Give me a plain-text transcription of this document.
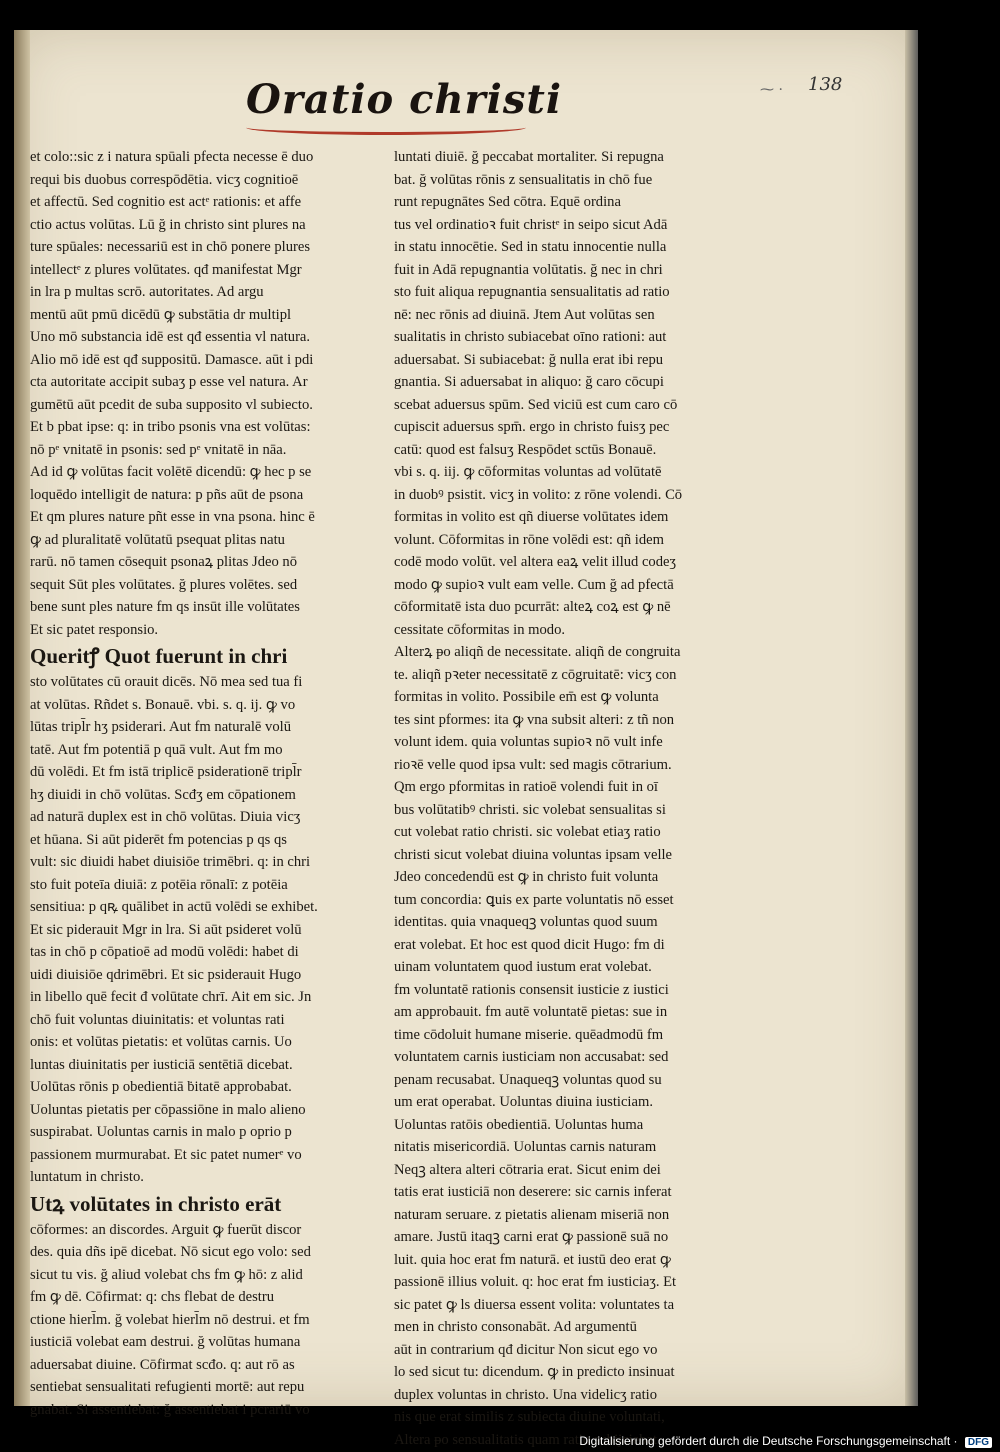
Oratio christi	⁓ · 138
et colo::sic z i natura spūali pfecta necesse ē duo
requi bis duobus correspōdētia. vicʒ cognitioē
et affectū. Sed cognitio est actᵉ rationis: et affe
ctio actus volūtas. Lū ğ in christo sint plures na
ture spūales: necessariū est in chō ponere plures
intellectᵉ z plures volūtates. qđ manifestat Mgr
in lra p multas scrō. autoritates. Ad argu
mentū aūt pmū dicēdū ꝙ substātia dr multipl
Uno mō substancia idē est qđ essentia vl natura.
Alio mō idē est qđ suppositū. Damasce. aūt i pdi
cta autoritate accipit subaʒ p esse vel natura. Ar
gumētū aūt pcedit de suba supposito vl subiecto.
Et b pbat ipse: q: in tribo psonis vna est volūtas:
nō pᵉ vnitatē in psonis: sed pᵉ vnitatē in nāa.
Ad id ꝙ volūtas facit volētē dicendū: ꝙ hec p se
loquēdo intelligit de natura: p pñs aūt de psona
Et qm plures nature pñt esse in vna psona. hinc ē
ꝙ ad pluralitatē volūtatū psequat plitas natu
rarū. nō tamen cōsequit psonaꝝ plitas Jdeo nō
sequit Sūt ples volūtates. ğ plures volētes. sed
bene sunt ples nature fm qs insūt ille volūtates
Et sic patet responsio.
Queritꝭ Quot fuerunt in chri
sto volūtates cū orauit dicēs. Nō mea sed tua fi
at volūtas. Rñdet s. Bonauē. vbi. s. q. ij. ꝙ vo
lūtas tripl̄r hʒ psiderari. Aut fm naturalē volū
tatē. Aut fm potentiā p quā vult. Aut fm mo
dū volēdi. Et fm istā triplicē psiderationē tripl̄r
hʒ diuidi in chō volūtas. Scđʒ em cōpationem
ad naturā duplex est in chō volūtas. Diuia vicʒ
et hūana. Si aūt piderēt fm potencias p qs qs
vult: sic diuidi habet diuisiōe trimēbri. q: in chri
sto fuit poteīa diuiā: z potēia rōnalī: z potēia
sensitiua: p qꝶ quālibet in actū volēdi se exhibet.
Et sic piderauit Mgr in lra. Si aūt psideret volū
tas in chō p cōpatioē ad modū volēdi: habet di
uidi diuisiōe qdrimēbri. Et sic psiderauit Hugo
in libello quē fecit đ volūtate chrī. Ait em sic. Jn
chō fuit voluntas diuinitatis: et voluntas rati
onis: et volūtas pietatis: et volūtas carnis. Uo
luntas diuinitatis per iusticiā sentētiā dicebat.
Uolūtas rōnis p obedientiā ḃitatē approbabat.
Uoluntas pietatis per cōpassiōne in malo alieno
suspirabat. Uoluntas carnis in malo p oprio p
passionem murmurabat. Et sic patet numerᵉ vo
luntatum in christo.
Utꝝ volūtates in christo erāt
cōformes: an discordes. Arguit ꝙ fuerūt discor
des. quia dñs ipē dicebat. Nō sicut ego volo: sed
sicut tu vis. ğ aliud volebat chs fm ꝙ hō: z alid
fm ꝙ dē. Cōfirmat: q: chs flebat de destru
ctione hierl̄m. ğ volebat hierl̄m nō destrui. et fm
iusticiā volebat eam destrui. ğ volūtas humana
aduersabat diuine. Cōfirmat scđo. q: aut rō as
sentiebat sensualitati refugienti mortē: aut repu
gnabat. Si assentiebat: ğ assentiebat i pcrariū vo
luntati diuiē. ğ peccabat mortaliter. Si repugna
bat. ğ volūtas rōnis z sensualitatis in chō fue
runt repugnātes Sed cōtra. Equē ordina
tus vel ordinatioꝛ fuit christᵉ in seipo sicut Adā
in statu innocētie. Sed in statu innocentie nulla
fuit in Adā repugnantia volūtatis. ğ nec in chri
sto fuit aliqua repugnantia sensualitatis ad ratio
nē: nec rōnis ad diuinā. Jtem Aut volūtas sen
sualitatis in christo subiacebat oīno rationi: aut
aduersabat. Si subiacebat: ğ nulla erat ibi repu
gnantia. Si aduersabat in aliquo: ğ caro cōcupi
scebat aduersus spūm. Sed viciū est cum caro cō
cupiscit aduersus spm̄. ergo in christo fuisʒ pec
catū: quod est falsuʒ Respōdet sctūs Bonauē.
vbi s. q. iij. ꝙ cōformitas voluntas ad volūtatē
in duobꝰ psistit. vicʒ in volito: z rōne volendi. Cō
formitas in volito est qñ diuerse volūtates idem
volunt. Cōformitas in rōne volēdi est: qñ idem
codē modo volūt. vel altera eaꝝ velit illud codeʒ
modo ꝙ supioꝛ vult eam velle. Cum ğ ad pfectā
cōformitatē ista duo pcurrāt: alteꝝ coꝝ est ꝙ nē
cessitate cōformitas in modo.
Alterꝝ ᵽo aliqñ de necessitate. aliqñ de congruita
te. aliqñ pꝛeter necessitatē z cōgruitatē: vicʒ con
formitas in volito. Possibile em̄ est ꝙ volunta
tes sint pformes: ita ꝙ vna subsit alteri: z tñ non
volunt idem. quia voluntas supioꝛ nō vult infe
rioꝛē velle quod ipsa vult: sed magis cōtrarium.
Qm ergo pformitas in ratioē volendi fuit in oī
bus volūtatibꝰ christi. sic volebat sensualitas si
cut volebat ratio christi. sic volebat etiaʒ ratio
christi sicut volebat diuina voluntas ipsam velle
Jdeo concedendū est ꝙ in christo fuit volunta
tum concordia: ꝗuis ex parte voluntatis nō esset
identitas. quia vnaqueqꝫ voluntas quod suum
erat volebat. Et hoc est quod dicit Hugo: fm di
uinam voluntatem quod iustum erat volebat.
fm voluntatē rationis consensit iusticie z iustici
am approbauit. fm autē voluntatē pietas: sue in
time cōdoluit humane miserie. quēadmodū fm
voluntatem carnis iusticiam non accusabat: sed
penam recusabat. Unaqueqꝫ voluntas quod su
um erat operabat. Uoluntas diuina iusticiam.
Uoluntas ratōis obedientiā. Uoluntas huma
nitatis misericordiā. Uoluntas carnis naturam
Neqꝫ altera alteri cōtraria erat. Sicut enim dei
tatis erat iusticiā non deserere: sic carnis inferat
naturam seruare. z pietatis alienam miseriā non
amare. Justū itaqꝫ carni erat ꝙ passionē suā no
luit. quia hoc erat fm naturā. et iustū deo erat ꝙ
passionē illius voluit. q: hoc erat fm iusticiaʒ. Et
sic patet ꝙ ls diuersa essent volita: voluntates ta
men in christo consonabāt. Ad argumentū
aūt in contrarium qđ dicitur Non sicut ego vo
lo sed sicut tu: dicendum. ꝙ in predicto insinuat
duplex voluntas in christo. Una videlicʒ ratio
nis que erat similis z subiecta diuine voluntati,
Altera ᵽo sensualitatis quam ratio subijciebat
Digitalisierung gefördert durch die Deutsche Forschungsgemeinschaft · DFG
